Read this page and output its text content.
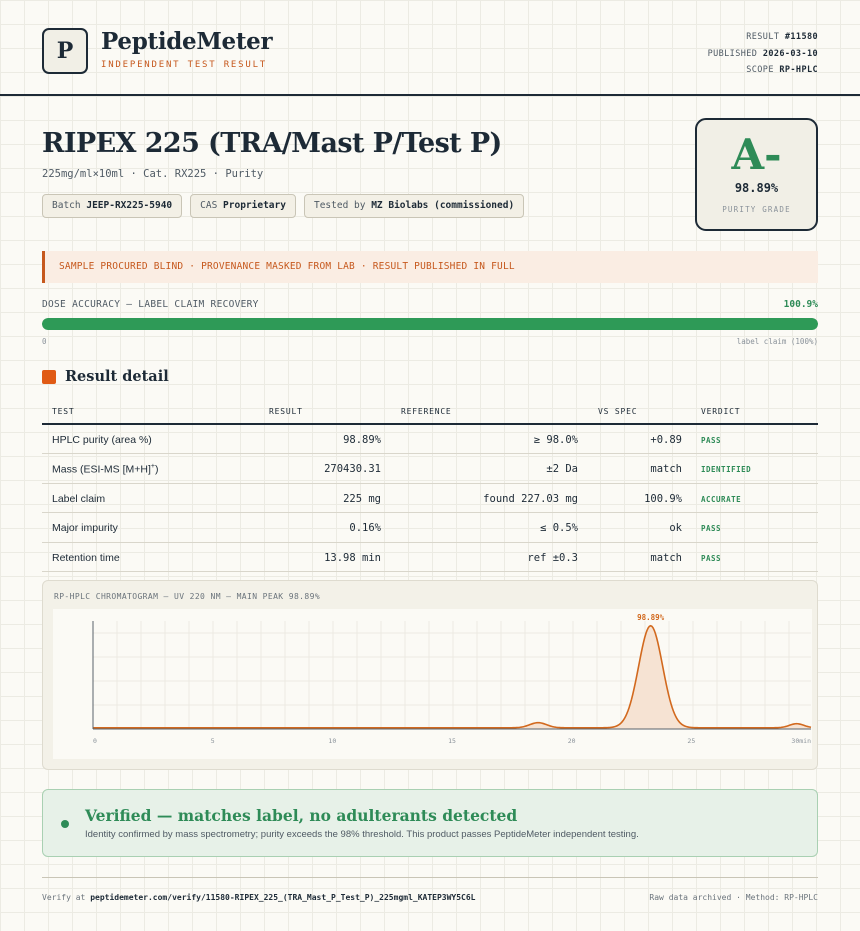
P	PeptideMeter
INDEPENDENT TEST RESULT
RESULT #11580
PUBLISHED 2026-03-10
SCOPE RP-HPLC
RIPEX 225 (TRA/Mast P/Test P)
225mg/ml×10ml · Cat. RX225 · Purity
Batch JEEP-RX225-5940	CAS Proprietary	Tested by MZ Biolabs (commissioned)
A-
98.89%
PURITY GRADE
SAMPLE PROCURED BLIND · PROVENANCE MASKED FROM LAB · RESULT PUBLISHED IN FULL
DOSE ACCURACY — LABEL CLAIM RECOVERY	100.9%
0	label claim (100%)
Result detail
TEST	RESULT	REFERENCE	VS SPEC	VERDICT
HPLC purity (area %)	98.89%	≥ 98.0%	+0.89	PASS
Mass (ESI-MS [M+H]+)	270430.31	±2 Da	match	IDENTIFIED
Label claim	225 mg	found 227.03 mg	100.9%	ACCURATE
Major impurity	0.16%	≤ 0.5%	ok	PASS
Retention time	13.98 min	ref ±0.3	match	PASS
RP-HPLC CHROMATOGRAM — UV 220 NM — MAIN PEAK 98.89%
0	5	10	15	20	25	30min
98.89%
Verified — matches label, no adulterants detected
Identity confirmed by mass spectrometry; purity exceeds the 98% threshold. This product passes PeptideMeter independent testing.
Verify at peptidemeter.com/verify/11580-RIPEX_225_(TRA_Mast_P_Test_P)_225mgml_KATEP3WY5C6L	Raw data archived · Method: RP-HPLC
